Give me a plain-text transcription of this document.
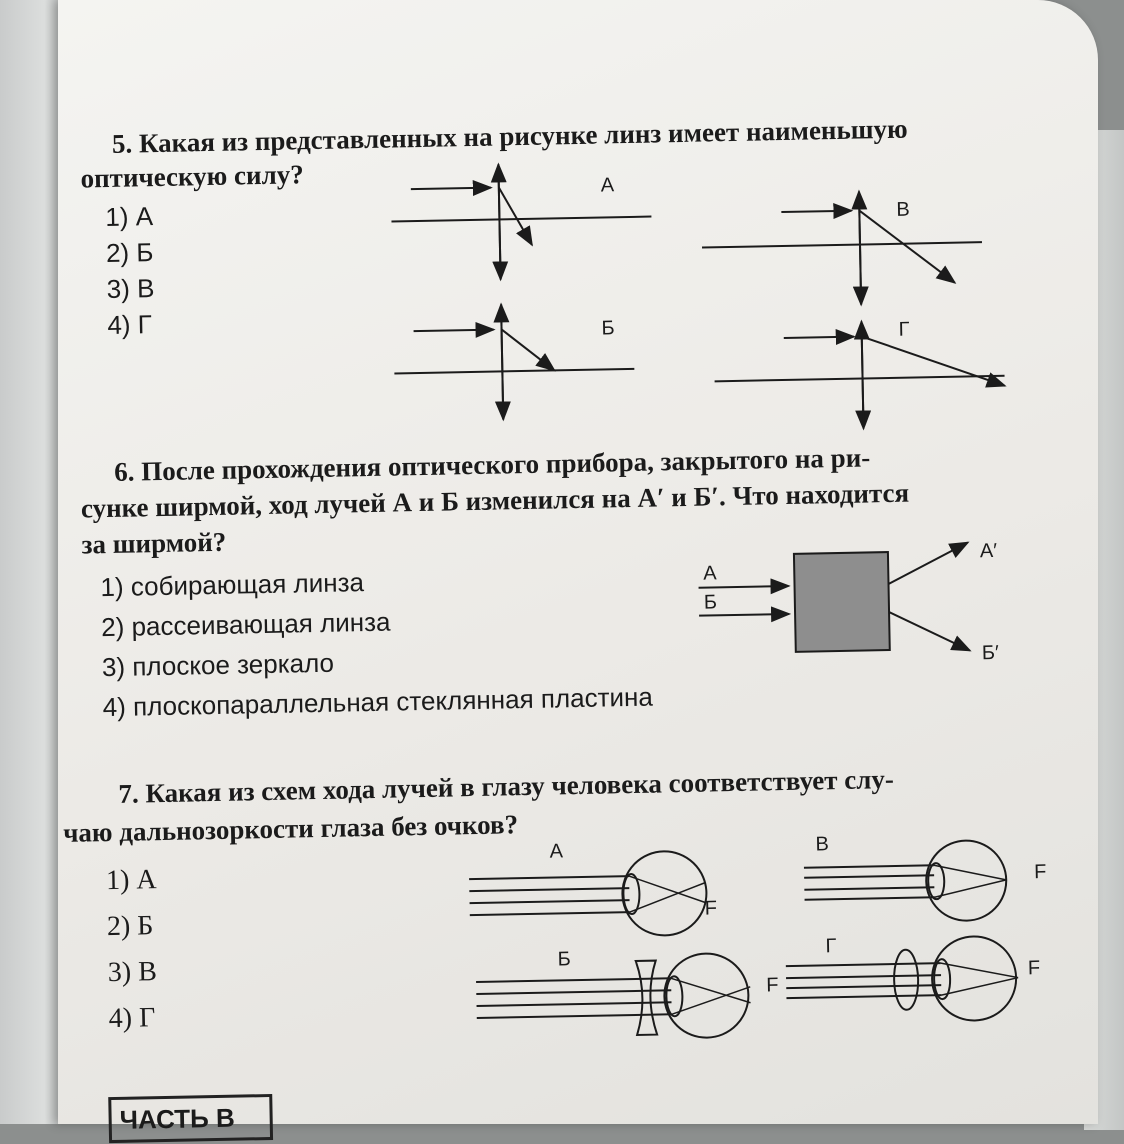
5. Какая из представленных на рисунке линз имеет наименьшую
оптическую силу?
1) А
2) Б
3) В
4) Г
А
В
Б	Г
6. После прохождения оптического прибора, закрытого на ри-
сунке ширмой, ход лучей А и Б изменился на А′ и Б′. Что находится
за ширмой?
1) собирающая линза
2) рассеивающая линза
3) плоское зеркало
4) плоскопараллельная стеклянная пластина
А
Б
А′
Б′
7. Какая из схем хода лучей в глазу человека соответствует слу-
чаю дальнозоркости глаза без очков?
1) А
2) Б
3) В
4) Г
А
F
В
F
Б
F
Г
F
ЧАСТЬ В
